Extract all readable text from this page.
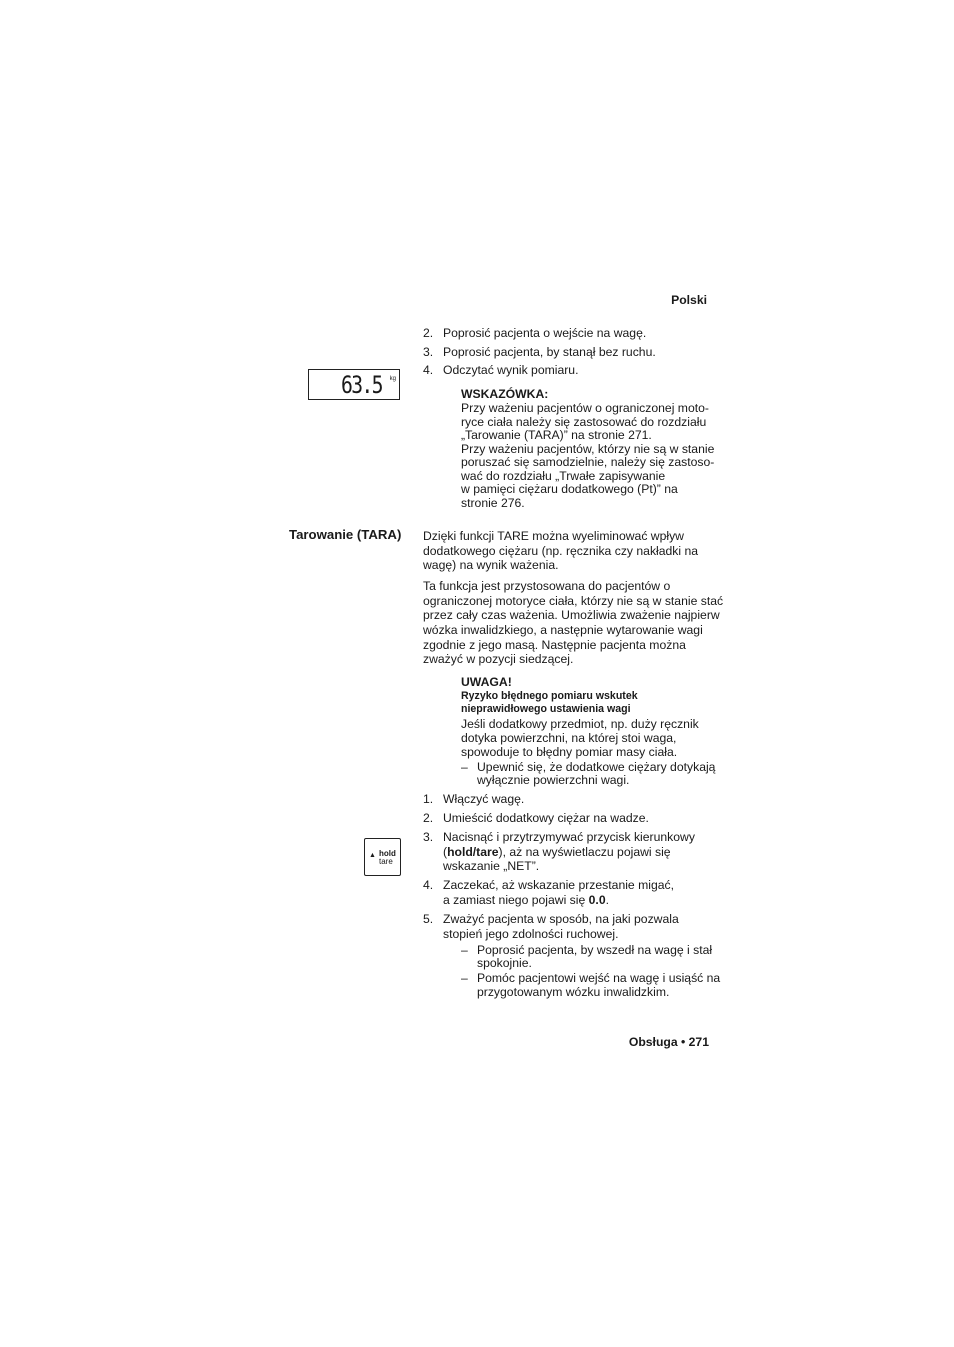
Polski
2. Poprosić pacjenta o wejście na wagę.
3. Poprosić pacjenta, by stanął bez ruchu.
4. Odczytać wynik pomiaru.
63.5 kg
WSKAZÓWKA:
Przy ważeniu pacjentów o ograniczonej moto-
ryce ciała należy się zastosować do rozdziału
„Tarowanie (TARA)” na stronie 271.
Przy ważeniu pacjentów, którzy nie są w stanie
poruszać się samodzielnie, należy się zastoso-
wać do rozdziału „Trwałe zapisywanie
w pamięci ciężaru dodatkowego (Pt)” na
stronie 276.
Tarowanie (TARA) Dzięki funkcji TARE można wyeliminować wpływ
dodatkowego ciężaru (np. ręcznika czy nakładki na
wagę) na wynik ważenia.
Ta funkcja jest przystosowana do pacjentów o
ograniczonej motoryce ciała, którzy nie są w stanie stać
przez cały czas ważenia. Umożliwia zważenie najpierw
wózka inwalidzkiego, a następnie wytarowanie wagi
zgodnie z jego masą. Następnie pacjenta można
zważyć w pozycji siedzącej.
UWAGA!
Ryzyko błędnego pomiaru wskutek
nieprawidłowego ustawienia wagi
Jeśli dodatkowy przedmiot, np. duży ręcznik
dotyka powierzchni, na której stoi waga,
spowoduje to błędny pomiar masy ciała.
– Upewnić się, że dodatkowe ciężary dotykają
wyłącznie powierzchni wagi.
1. Włączyć wagę.
2. Umieścić dodatkowy ciężar na wadze.
3. Nacisnąć i przytrzymywać przycisk kierunkowy
(hold/tare), aż na wyświetlaczu pojawi się
wskazanie „NET”.
▲ hold
tare
4. Zaczekać, aż wskazanie przestanie migać,
a zamiast niego pojawi się 0.0.
5. Zważyć pacjenta w sposób, na jaki pozwala
stopień jego zdolności ruchowej.
– Poprosić pacjenta, by wszedł na wagę i stał
spokojnie.
– Pomóc pacjentowi wejść na wagę i usiąść na
przygotowanym wózku inwalidzkim.
Obsługa • 271
